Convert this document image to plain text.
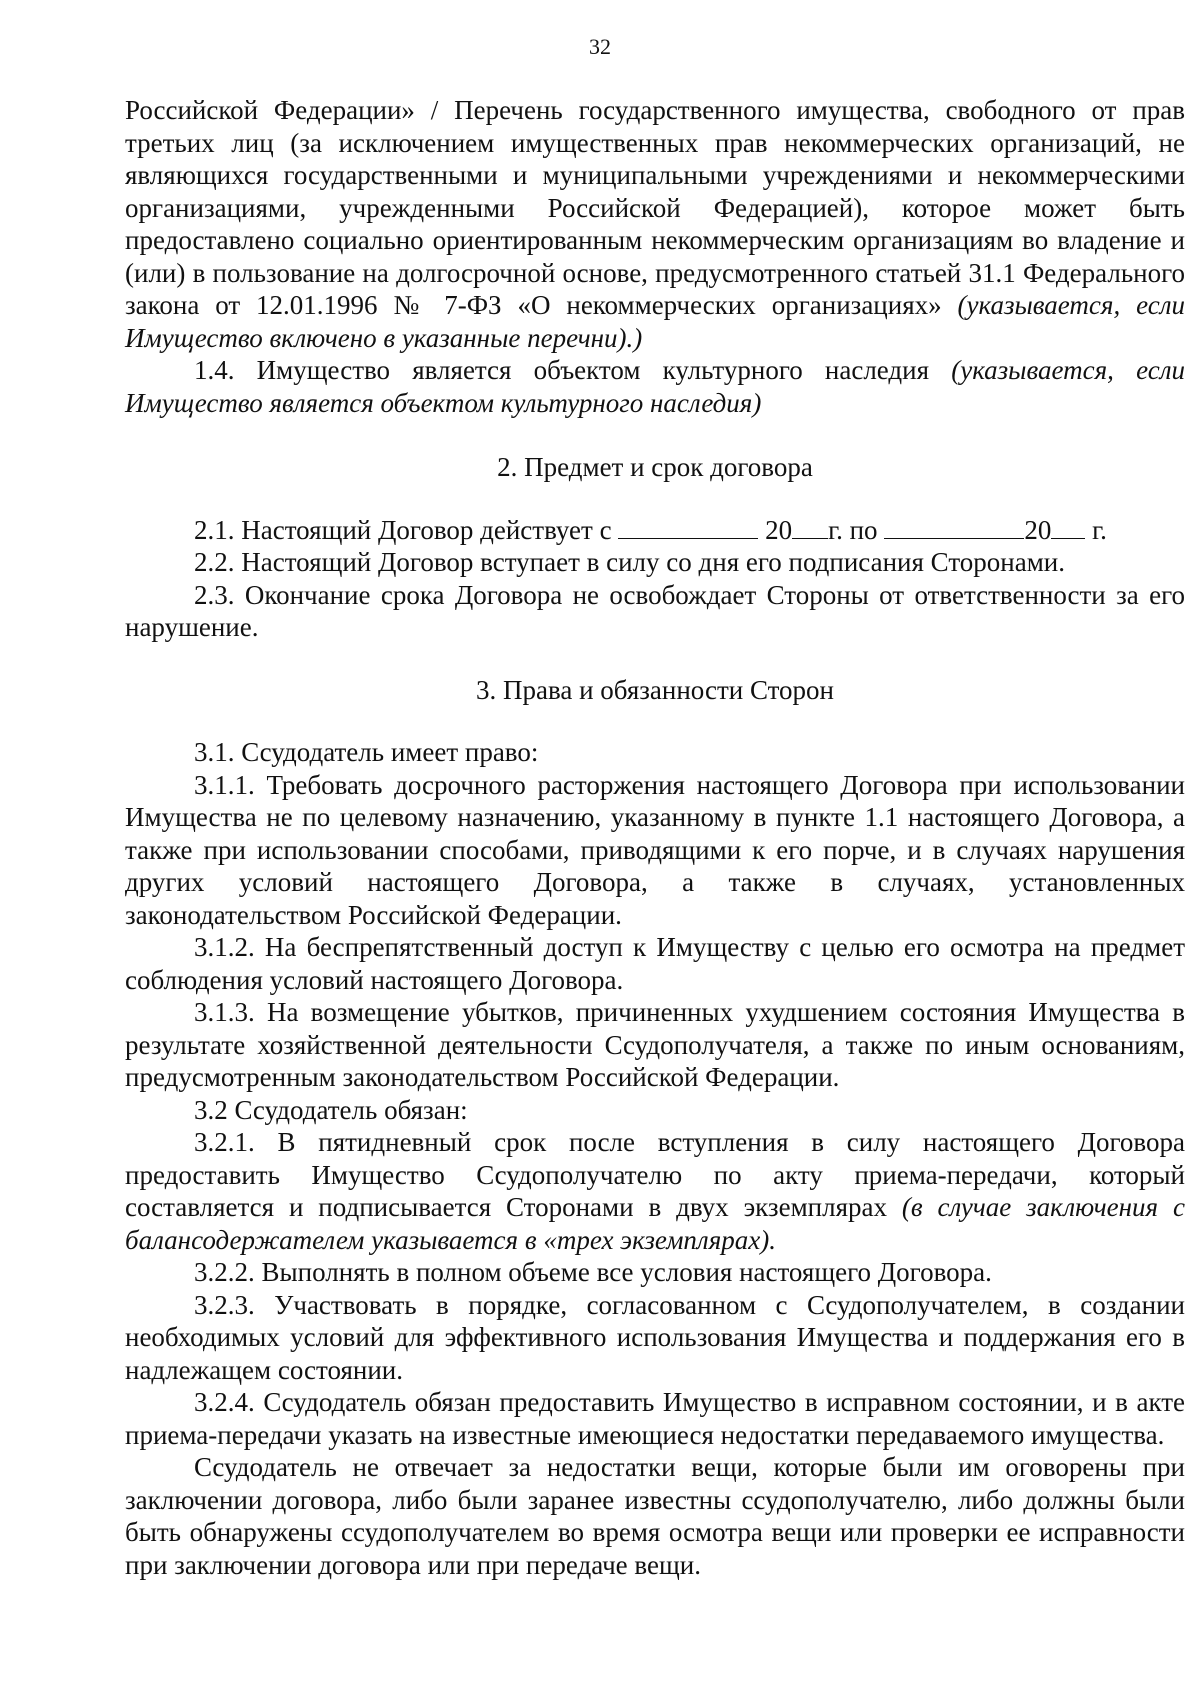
32

Российской Федерации» / Перечень государственного имущества, свободного от прав третьих лиц (за исключением имущественных прав некоммерческих организаций, не являющихся государственными и муниципальными учреждениями и некоммерческими организациями, учрежденными Российской Федерацией), которое может быть предоставлено социально ориентированным некоммерческим организациям во владение и (или) в пользование на долгосрочной основе, предусмотренного статьей 31.1 Федерального закона от 12.01.1996 № 7-ФЗ «О некоммерческих организациях» (указывается, если Имущество включено в указанные перечни).)

1.4. Имущество является объектом культурного наследия (указывается, если Имущество является объектом культурного наследия)

2. Предмет и срок договора

2.1. Настоящий Договор действует с	20 г. по	20 г.

2.2. Настоящий Договор вступает в силу со дня его подписания Сторонами.

2.3. Окончание срока Договора не освобождает Стороны от ответственности за его нарушение.

3. Права и обязанности Сторон

3.1. Ссудодатель имеет право:

3.1.1. Требовать досрочного расторжения настоящего Договора при использовании Имущества не по целевому назначению, указанному в пункте 1.1 настоящего Договора, а также при использовании способами, приводящими к его порче, и в случаях нарушения других условий настоящего Договора, а также в случаях, установленных законодательством Российской Федерации.

3.1.2. На беспрепятственный доступ к Имуществу с целью его осмотра на предмет соблюдения условий настоящего Договора.

3.1.3. На возмещение убытков, причиненных ухудшением состояния Имущества в результате хозяйственной деятельности Ссудополучателя, а также по иным основаниям, предусмотренным законодательством Российской Федерации.

3.2 Ссудодатель обязан:

3.2.1. В пятидневный срок после вступления в силу настоящего Договора предоставить Имущество Ссудополучателю по акту приема-передачи, который составляется и подписывается Сторонами в двух экземплярах (в случае заключения с балансодержателем указывается в «трех экземплярах).

3.2.2. Выполнять в полном объеме все условия настоящего Договора.

3.2.3. Участвовать в порядке, согласованном с Ссудополучателем, в создании необходимых условий для эффективного использования Имущества и поддержания его в надлежащем состоянии.

3.2.4. Ссудодатель обязан предоставить Имущество в исправном состоянии, и в акте приема-передачи указать на известные имеющиеся недостатки передаваемого имущества.

Ссудодатель не отвечает за недостатки вещи, которые были им оговорены при заключении договора, либо были заранее известны ссудополучателю, либо должны были быть обнаружены ссудополучателем во время осмотра вещи или проверки ее исправности при заключении договора или при передаче вещи.
